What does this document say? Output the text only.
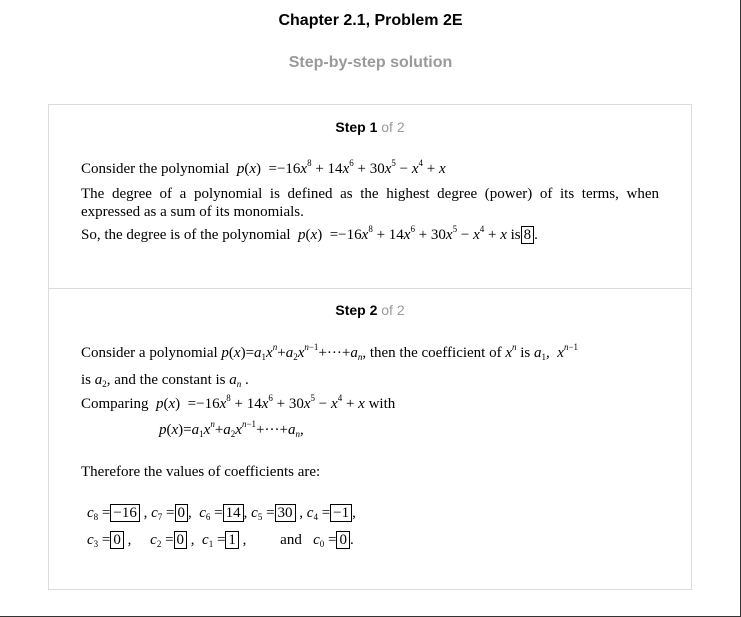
Chapter 2.1, Problem 2E
Step-by-step solution
Step 1 of 2
Consider the polynomial $p(x) =-16x^8 + 14x^6 + 30x^5 - x^4 + x$
The degree of a polynomial is defined as the highest degree (power) of its terms, when expressed as a sum of its monomials.
So, the degree is of the polynomial $p(x) =-16x^8 + 14x^6 + 30x^5 - x^4 + x$ is 8 .
Step 2 of 2
Consider a polynomial $p(x)=a_1x^n+a_2x^{n-1}+\cdot\cdot\cdot+a_n$, then the coefficient of $x^n$ is $a_1$,  $x^{n-1}$
is $a_2$, and the constant is $a_n$ .
Comparing $p(x) =-16x^8 + 14x^6 + 30x^5 - x^4 + x$ with
$p(x)=a_1x^n+a_2x^{n-1}+\cdot\cdot\cdot+a_n$,
Therefore the values of coefficients are:
$c_8 = -16$ , $c_7 = 0$ ,  $c_6 = 14$ , $c_5 = 30$ , $c_4 = -1$ ,
$c_3 = 0$ ,     $c_2 = 0$ ,  $c_1 = 1$ ,         and $c_0 = 0$ .
